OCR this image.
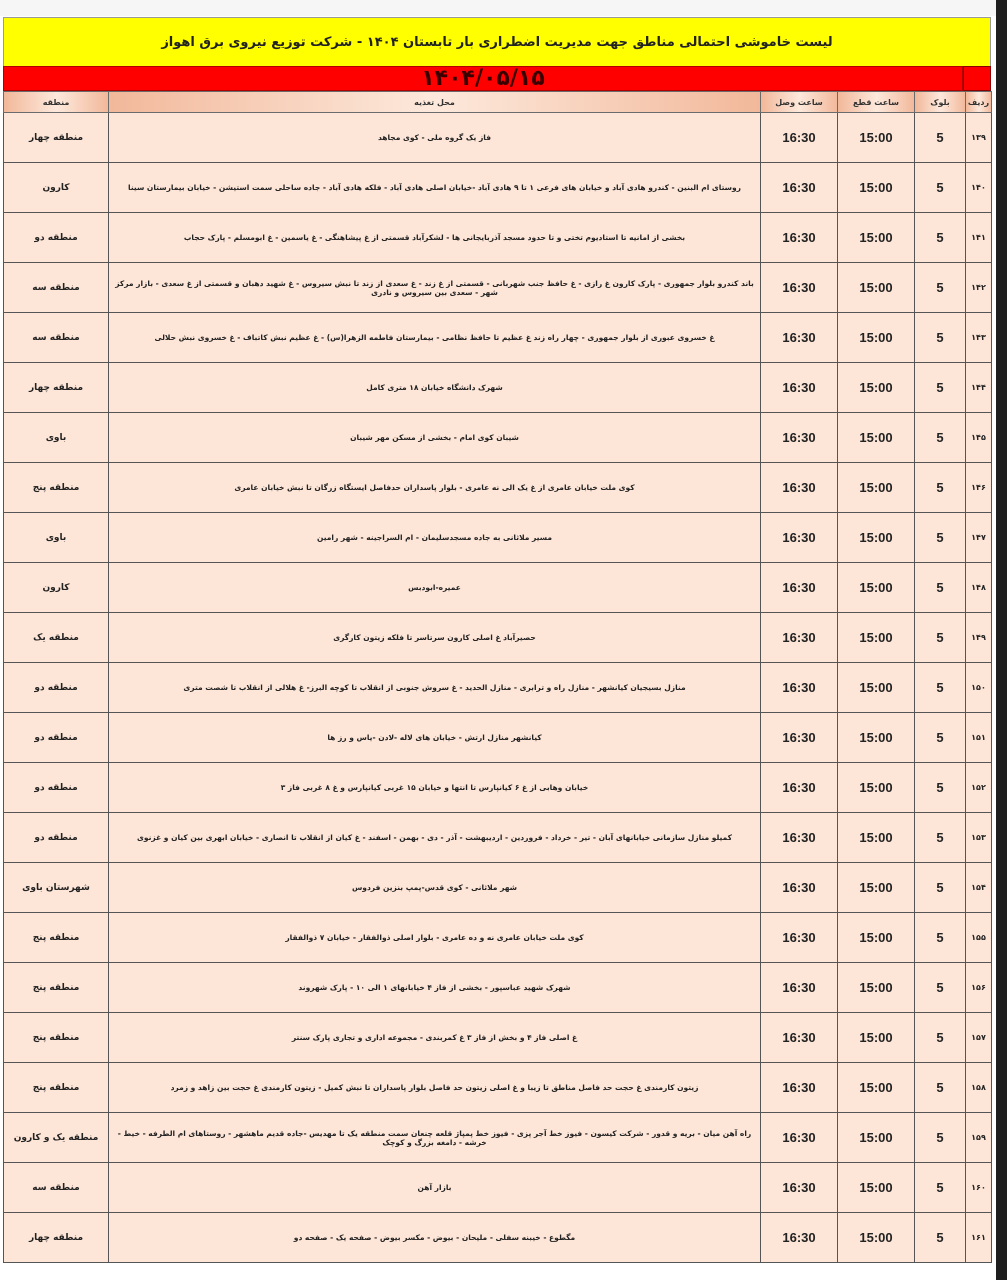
لیست خاموشی احتمالی مناطق جهت مدیریت اضطراری بار تابستان ۱۴۰۴ - شرکت توزیع نیروی برق اهواز
۱۴۰۴/۰۵/۱۵
ردیف	بلوک	ساعت قطع	ساعت وصل	محل تغذیه	منطقه
۱۳۹	5	15:00	16:30	فاز یک گروه ملی - کوی مجاهد	منطقه چهار
۱۴۰	5	15:00	16:30	روستای ام البنین - کندرو هادی آباد و خیابان های فرعی ۱ تا ۹ هادی آباد -خیابان اصلی هادی آباد - فلکه هادی آباد - جاده ساحلی سمت استیشن - خیابان بیمارستان سینا	کارون
۱۴۱	5	15:00	16:30	بخشی از امانیه تا استادیوم تختی و تا حدود مسجد آذربایجانی ها - لشکرآباد قسمتی از غ پیشاهنگی - غ یاسمین - غ ابومسلم - پارک حجاب	منطقه دو
۱۴۲	5	15:00	16:30	باند کندرو بلوار جمهوری - پارک کارون غ رازی - غ حافظ جنب شهربانی - قسمتی از غ زند - غ سعدی از زند تا نبش سیروس - غ شهید دهبان و قسمتی از غ سعدی - بازار مرکز شهر - سعدی بین سیروس و نادری	منطقه سه
۱۴۳	5	15:00	16:30	غ خسروی عبوری از بلوار جمهوری - چهار راه زند غ عظیم تا حافظ نظامی - بیمارستان فاطمه الزهرا(س) - غ عظیم نبش کاتباف - غ خسروی نبش حلالی	منطقه سه
۱۴۴	5	15:00	16:30	شهرک دانشگاه خیابان ۱۸ متری کامل	منطقه چهار
۱۴۵	5	15:00	16:30	شیبان کوی امام - بخشی از مسکن مهر شیبان	باوی
۱۴۶	5	15:00	16:30	کوی ملت خیابان عامری از غ یک الی نه عامری - بلوار پاسداران حدفاصل ایستگاه زرگان تا نبش خیابان عامری	منطقه پنج
۱۴۷	5	15:00	16:30	مسیر ملاثانی به جاده مسجدسلیمان - ام السراجینه - شهر رامین	باوی
۱۴۸	5	15:00	16:30	عمیره-ابودبس	کارون
۱۴۹	5	15:00	16:30	حصیرآباد غ اصلی کارون سرتاسر تا فلکه زیتون کارگری	منطقه یک
۱۵۰	5	15:00	16:30	منازل بسیجیان کیانشهر - منازل راه و ترابری - منازل الحدید - غ سروش جنوبی از انقلاب تا کوچه البرز- غ هلالی از انقلاب تا شصت متری	منطقه دو
۱۵۱	5	15:00	16:30	کیانشهر منازل ارتش - خیابان های لاله -لادن -یاس و رز ها	منطقه دو
۱۵۲	5	15:00	16:30	خیابان وهابی از غ ۶ کیانپارس تا انتها و خیابان ۱۵ غربی کیانپارس و غ ۸ غربی فاز ۳	منطقه دو
۱۵۳	5	15:00	16:30	کمیلو منازل سازمانی خیابانهای آبان - تیر - خرداد - فروردین - اردیبهشت - آذر - دی - بهمن - اسفند - غ کیان از انقلاب تا انصاری - خیابان ابهری بین کیان و غزنوی	منطقه دو
۱۵۴	5	15:00	16:30	شهر ملاثانی - کوی قدس-پمپ بنزین فردوس	شهرستان باوی
۱۵۵	5	15:00	16:30	کوی ملت خیابان عامری نه و ده عامری - بلوار اصلی ذوالفقار - خیابان ۷ ذوالفقار	منطقه پنج
۱۵۶	5	15:00	16:30	شهرک شهید عباسپور - بخشی از فاز ۴ خیابانهای ۱ الی ۱۰ - پارک شهروند	منطقه پنج
۱۵۷	5	15:00	16:30	غ اصلی فاز ۴ و بخش از فاز ۳ غ کمربندی - مجموعه اداری و تجاری پارک سنتر	منطقه پنج
۱۵۸	5	15:00	16:30	زیتون کارمندی غ حجت حد فاصل مناطق تا زیبا و غ اصلی زیتون حد فاصل بلوار پاسداران تا نبش کمیل - زیتون کارمندی غ حجت بین زاهد و زمرد	منطقه پنج
۱۵۹	5	15:00	16:30	راه آهن میان - بریه و قدور - شرکت کیسون - فیوز خط آجر پزی - فیوز خط پمپاژ قلعه چنعان سمت منطقه یک تا مهدیس -جاده قدیم ماهشهر - روستاهای ام الطرفه - خیط - خرشه - دامغه بزرگ و کوچک	منطقه یک و کارون
۱۶۰	5	15:00	16:30	بازار آهن	منطقه سه
۱۶۱	5	15:00	16:30	مگطوع - خیبنه سفلی - ملیحان - بیوض - مکسر بیوض - صفحه یک - صفحه دو	منطقه چهار
